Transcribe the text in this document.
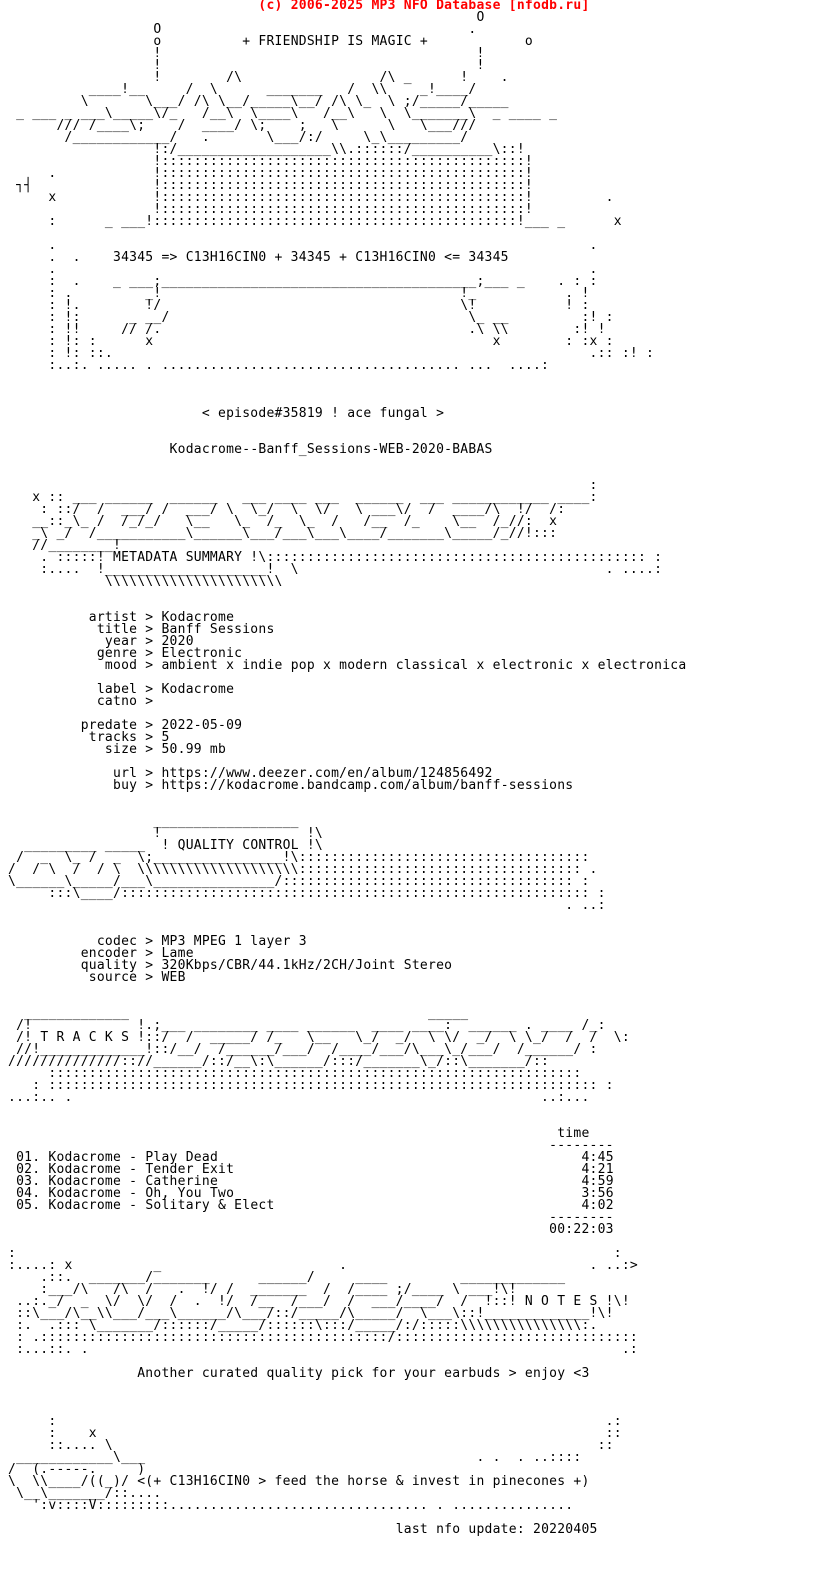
(c) 2006-2025 MP3 NFO Database [nfodb.ru]
O
O                                      .
o          + FRIENDSHIP IS MAGIC +            o
!                                       !
!                                       !
!        /\                 /\ _      !    .
____!__     /  \      _______   /  \\    _!____/
\       \___/ /\ \__/_____\__/ /\ \_  \ ;/_____/_____
_ ___ _ ___\_____\/_   /__\  \____\   /__\   \  \_______\  _ ____ _
/// /____\;    /  ____/ \;    ;   \      \   \___///
/____________/   .       \___/:/     \_\_________/
!:/___________________\\.::::::/__________\::!
!:::::::::::::::::::::::::::::::::::::::::::::!
.            !:::::::::::::::::::::::::::::::::::::::::::::!
┐┤               !:::::::::::::::::::::::::::::::::::::::::::::!
x            !:::::::::::::::::::::::::::::::::::::::::::::!         .
!:::::::::::::::::::::::::::::::::::::::::::::!
:      _ ___!:::::::::::::::::::::::::::::::::::::::::::::!___ _      x
.                                                                  .
.  .    34345 => C13H16CIN0 + 34345 + C13H16CIN0 <= 34345
.                                                                  .
:  .    _ ___;_______________________________________;___ _    . : :
: .         _!                                     !_           . !
: !.        !/                                     \!           ! :
: !:      _ __/                                     \_ __         :! :
: !!     // /.                                      .\ \\        :! !
: !: :      x                                          x        : :x :
: !: ::.                                                           .:: :! :
:..:. ..... . ..................................... ...  ....:
< episode#35819 ! ace fungal >
Kodacrome--Banff_Sessions-WEB-2020-BABAS
:
x :: ___ ______  ______   ___ ____ ___  ______  ___ ____________ ____:
: ::/  /  ___/ /  ___/ \  \_/  \  \/   \ ___\/  /  ____/\  !/  /:
__::_\_ /  /_/_/   \__   \_  /_  \_  /   /__  /_    \__  /_//:  x
_\ _/  /___________\______\___/___\___\____/_______\_____/_//!:::
//________!
. :::::! METADATA SUMMARY !\::::::::::::::::::::::::::::::::::::::::::::::: :
:....  !____________________!  \                                      . ....:
\\\\\\\\\\\\\\\\\\\\\\
artist > Kodacrome
title > Banff Sessions
year > 2020
genre > Electronic
mood > ambient x indie pop x modern classical x electronic x electronica
label > Kodacrome
catno >
predate > 2022-05-09
tracks > 5
size > 50.99 mb
url > https://www.deezer.com/en/album/124856492
buy > https://kodacrome.bandcamp.com/album/banff-sessions
__________________
!                  !\
_________ _____  ! QUALITY CONTROL !\
/  _  \_ /  _  \;________________!\::::::::::::::::::::::::::::::::::::
/  / \  /  / \  \\\\\\\\\\\\\\\\\\\\::::::::::::::::::::::::::::::::::: .
\______\_____/___\_______________/:::::::::::::::::::::::::::::::::::: :
:::\____/:::::::::::::::::::::::::::::::::::::::::::::::::::::::::: :
. ..:
codec > MP3 MPEG 1 layer 3
encoder > Lame
quality > 320Kbps/CBR/44.1kHz/2CH/Joint Stereo
source > WEB
_____________                                     _____
/!             !.;___ ________ ____ ______  ____ ____:  ______ . ____ /_:
/! T R A C K S !::/  /  _____/ /_   \__   \_/  _/  \ \/  _/  \ \_/  /  /  \:
//!_____________!::/__/  /______/___/  /____/___/\___\_/___/  /______/ :
//////////////:://______/::/__\:\______/:::/_______\_/::\_______/::
::::::::::::::::::::::::::::::::::::::::::::::::::::::::::::::::::
: :::::::::::::::::::::::::::::::::::::::::::::::::::::::::::::::::::: :
...:.. .                                                          ..:...
time
--------
01. Kodacrome - Play Dead	4:45
02. Kodacrome - Tender Exit	4:21
03. Kodacrome - Catherine	4:59
04. Kodacrome - Oh, You Two	3:56
05. Kodacrome - Solitary & Elect	4:02
--------
00:22:03
:                                                                          :
:....: x          _                      .                              . ..:>
.::.  _______/_______      ______/     ____         _____________
:___/\   /\  /   .  !/ /  _______  /  /____ ;/____ \ ___!\!
..:._/  _  \/  \/  /  .  !/  /__  /___/  /  ___/____/  /  !::! N O T E S !\!
::\___/\__\\___/___\______/\___/::/_____/\_____/  \___\::!_____________!\!
:.  .::: \_______/::::::/_____/::::::\:::/_____/:/:::::\\\\\\\\\\\\\\\:.
: .:::::::::::::::::::::::::::::::::::::::::::/::::::::::::::::::::::::::::::
:...::. .                                                                  .:
Another curated quality pick for your earbuds > enjoy <3
:                                                                    .:
:    x                                                               ::
::.... \                                                            ::
____________\___                                         . .  . ..::::
/  (.-----.     )
\  \\____/((_)/ <(+ C13H16CIN0 > feed the horse & invest in pinecones +)
\__\_______/::....
':v::::V:::::::::................................ . ...............
last nfo update: 20220405
